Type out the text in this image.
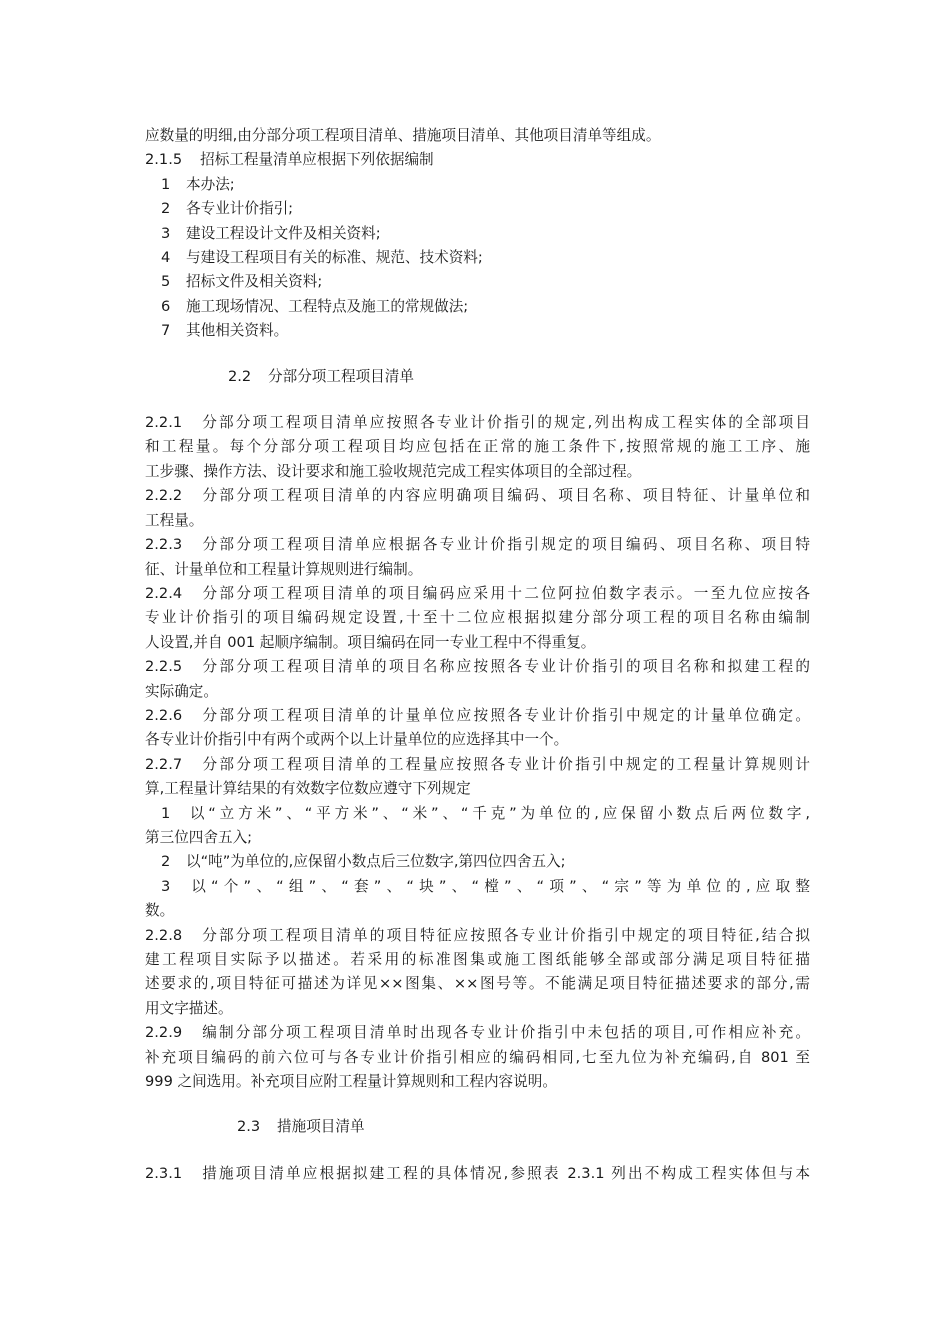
应数量的明细,由分部分项工程项目清单、措施项目清单、其他项目清单等组成。
2.1.5 招标工程量清单应根据下列依据编制
1 本办法;
2 各专业计价指引;
3 建设工程设计文件及相关资料;
4 与建设工程项目有关的标准、规范、技术资料;
5 招标文件及相关资料;
6 施工现场情况、工程特点及施工的常规做法;
7 其他相关资料。
2.2 分部分项工程项目清单
2.2.1 分部分项工程项目清单应按照各专业计价指引的规定,列出构成工程实体的全部项目
和工程量。每个分部分项工程项目均应包括在正常的施工条件下,按照常规的施工工序、施
工步骤、操作方法、设计要求和施工验收规范完成工程实体项目的全部过程。
2.2.2 分部分项工程项目清单的内容应明确项目编码、项目名称、项目特征、计量单位和
工程量。
2.2.3 分部分项工程项目清单应根据各专业计价指引规定的项目编码、项目名称、项目特
征、计量单位和工程量计算规则进行编制。
2.2.4 分部分项工程项目清单的项目编码应采用十二位阿拉伯数字表示。一至九位应按各
专业计价指引的项目编码规定设置,十至十二位应根据拟建分部分项工程的项目名称由编制
人设置,并自 001 起顺序编制。项目编码在同一专业工程中不得重复。
2.2.5 分部分项工程项目清单的项目名称应按照各专业计价指引的项目名称和拟建工程的
实际确定。
2.2.6 分部分项工程项目清单的计量单位应按照各专业计价指引中规定的计量单位确定。
各专业计价指引中有两个或两个以上计量单位的应选择其中一个。
2.2.7 分部分项工程项目清单的工程量应按照各专业计价指引中规定的工程量计算规则计
算,工程量计算结果的有效数字位数应遵守下列规定
1 以“立方米”、“平方米”、“米”、“千克”为单位的,应保留小数点后两位数字,
第三位四舍五入;
2 以“吨”为单位的,应保留小数点后三位数字,第四位四舍五入;
3 以“个”、“组”、“套”、“块”、“樘”、“项”、“宗”等为单位的,应取整
数。
2.2.8 分部分项工程项目清单的项目特征应按照各专业计价指引中规定的项目特征,结合拟
建工程项目实际予以描述。若采用的标准图集或施工图纸能够全部或部分满足项目特征描
述要求的,项目特征可描述为详见××图集、××图号等。不能满足项目特征描述要求的部分,需
用文字描述。
2.2.9 编制分部分项工程项目清单时出现各专业计价指引中未包括的项目,可作相应补充。
补充项目编码的前六位可与各专业计价指引相应的编码相同,七至九位为补充编码,自 801 至
999 之间选用。补充项目应附工程量计算规则和工程内容说明。
2.3 措施项目清单
2.3.1 措施项目清单应根据拟建工程的具体情况,参照表 2.3.1 列出不构成工程实体但与本
